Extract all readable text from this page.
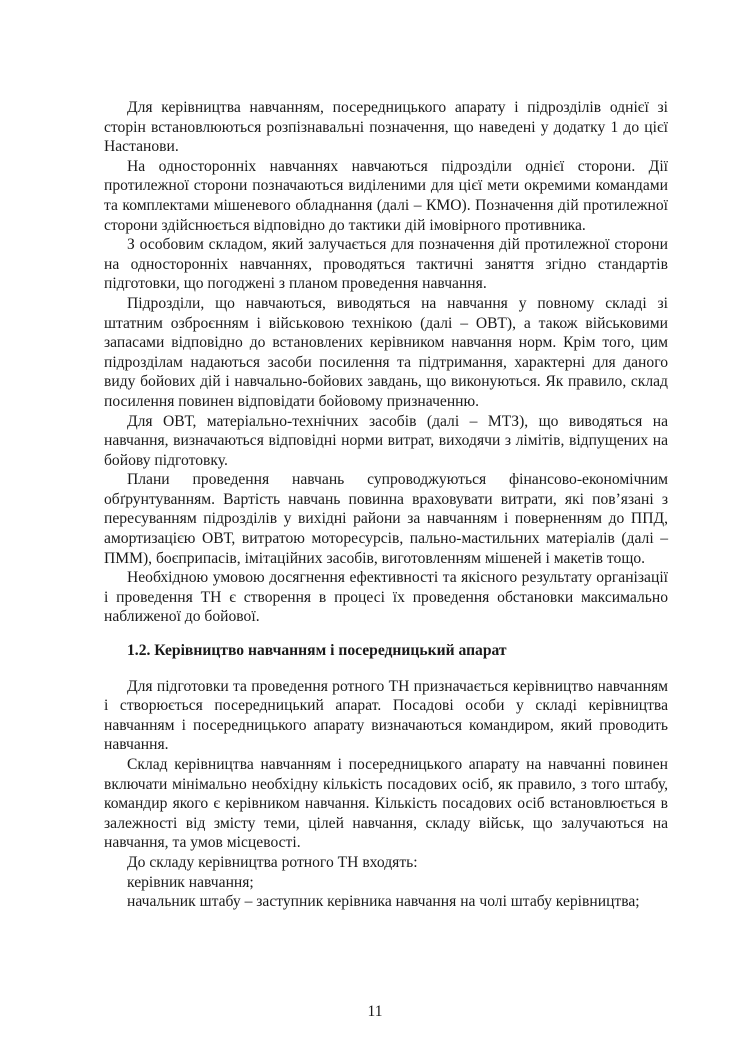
Для керівництва навчанням, посередницького апарату і підрозділів однієї зі сторін встановлюються розпізнавальні позначення, що наведені у додатку 1 до цієї Настанови.

На односторонніх навчаннях навчаються підрозділи однієї сторони. Дії протилежної сторони позначаються виділеними для цієї мети окремими командами та комплектами мішеневого обладнання (далі – КМО). Позначення дій протилежної сторони здійснюється відповідно до тактики дій імовірного противника.

З особовим складом, який залучається для позначення дій протилежної сторони на односторонніх навчаннях, проводяться тактичні заняття згідно стандартів підготовки, що погоджені з планом проведення навчання.

Підрозділи, що навчаються, виводяться на навчання у повному складі зі штатним озброєнням і військовою технікою (далі – ОВТ), а також військовими запасами відповідно до встановлених керівником навчання норм. Крім того, цим підрозділам надаються засоби посилення та підтримання, характерні для даного виду бойових дій і навчально-бойових завдань, що виконуються. Як правило, склад посилення повинен відповідати бойовому призначенню.

Для ОВТ, матеріально-технічних засобів (далі – МТЗ), що виводяться на навчання, визначаються відповідні норми витрат, виходячи з лімітів, відпущених на бойову підготовку.

Плани проведення навчань супроводжуються фінансово-економічним обґрунтуванням. Вартість навчань повинна враховувати витрати, які пов’язані з пересуванням підрозділів у вихідні райони за навчанням і поверненням до ППД, амортизацією ОВТ, витратою моторесурсів, пально-мастильних матеріалів (далі – ПММ), боєприпасів, імітаційних засобів, виготовленням мішеней і макетів тощо.

Необхідною умовою досягнення ефективності та якісного результату організації і проведення ТН є створення в процесі їх проведення обстановки максимально наближеної до бойової.

1.2. Керівництво навчанням і посередницький апарат

Для підготовки та проведення ротного ТН призначається керівництво навчанням і створюється посередницький апарат. Посадові особи у складі керівництва навчанням і посередницького апарату визначаються командиром, який проводить навчання.

Склад керівництва навчанням і посередницького апарату на навчанні повинен включати мінімально необхідну кількість посадових осіб, як правило, з того штабу, командир якого є керівником навчання. Кількість посадових осіб встановлюється в залежності від змісту теми, цілей навчання, складу військ, що залучаються на навчання, та умов місцевості.

До складу керівництва ротного ТН входять:

керівник навчання;

начальник штабу – заступник керівника навчання на чолі штабу керівництва;

11
